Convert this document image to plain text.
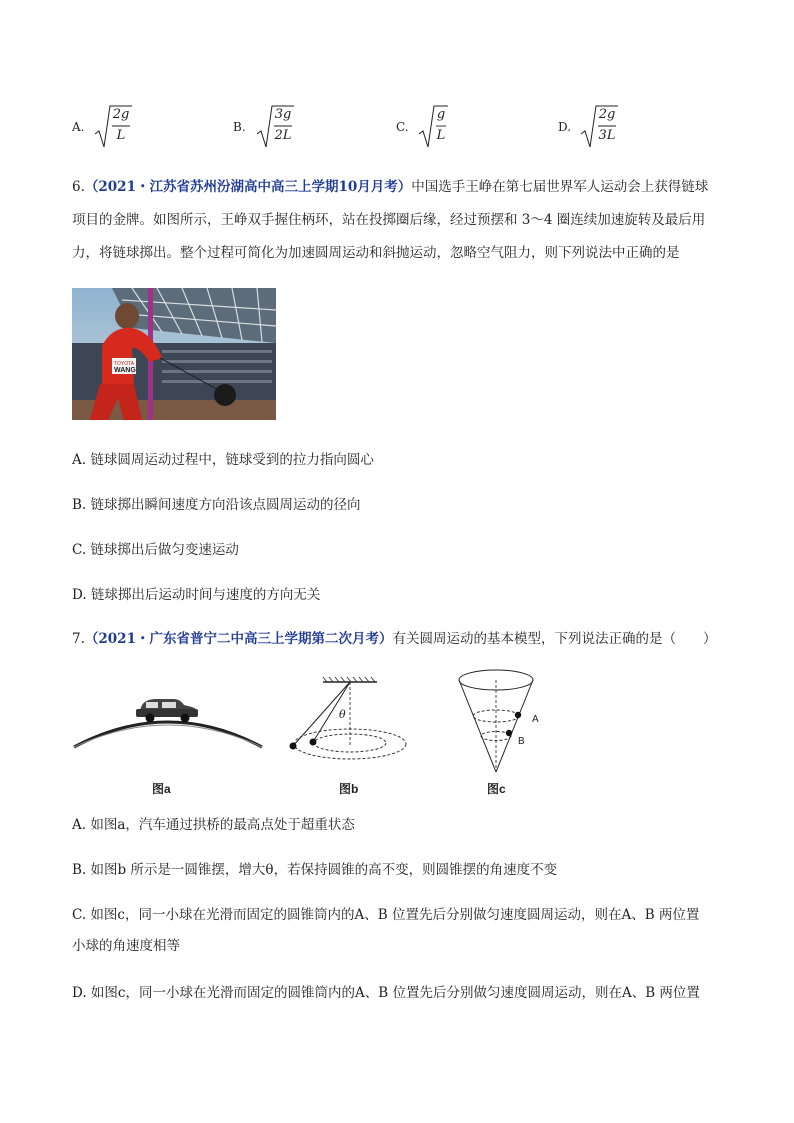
A.
2g
L
B.
3g
2L
C.
g
L
D.
2g
3L
6.（2021・江苏省苏州汾湖高中高三上学期10月月考）中国选手王峥在第七届世界军人运动会上获得链球
项目的金牌。如图所示，王峥双手握住柄环，站在投掷圈后缘，经过预摆和 3～4 圈连续加速旋转及最后用
力，将链球掷出。整个过程可简化为加速圆周运动和斜抛运动，忽略空气阻力，则下列说法中正确的是
TOYOTA
WANG
A. 链球圆周运动过程中，链球受到的拉力指向圆心
B. 链球掷出瞬间速度方向沿该点圆周运动的径向
C. 链球掷出后做匀变速运动
D. 链球掷出后运动时间与速度的方向无关
7.（2021・广东省普宁二中高三上学期第二次月考）有关圆周运动的基本模型，下列说法正确的是（　　）
图a
θ
图b
A
B
图c
A. 如图a，汽车通过拱桥的最高点处于超重状态
B. 如图b 所示是一圆锥摆，增大θ，若保持圆锥的高不变，则圆锥摆的角速度不变
C. 如图c，同一小球在光滑而固定的圆锥筒内的A、B 位置先后分别做匀速度圆周运动，则在A、B 两位置
小球的角速度相等
D. 如图c，同一小球在光滑而固定的圆锥筒内的A、B 位置先后分别做匀速度圆周运动，则在A、B 两位置
